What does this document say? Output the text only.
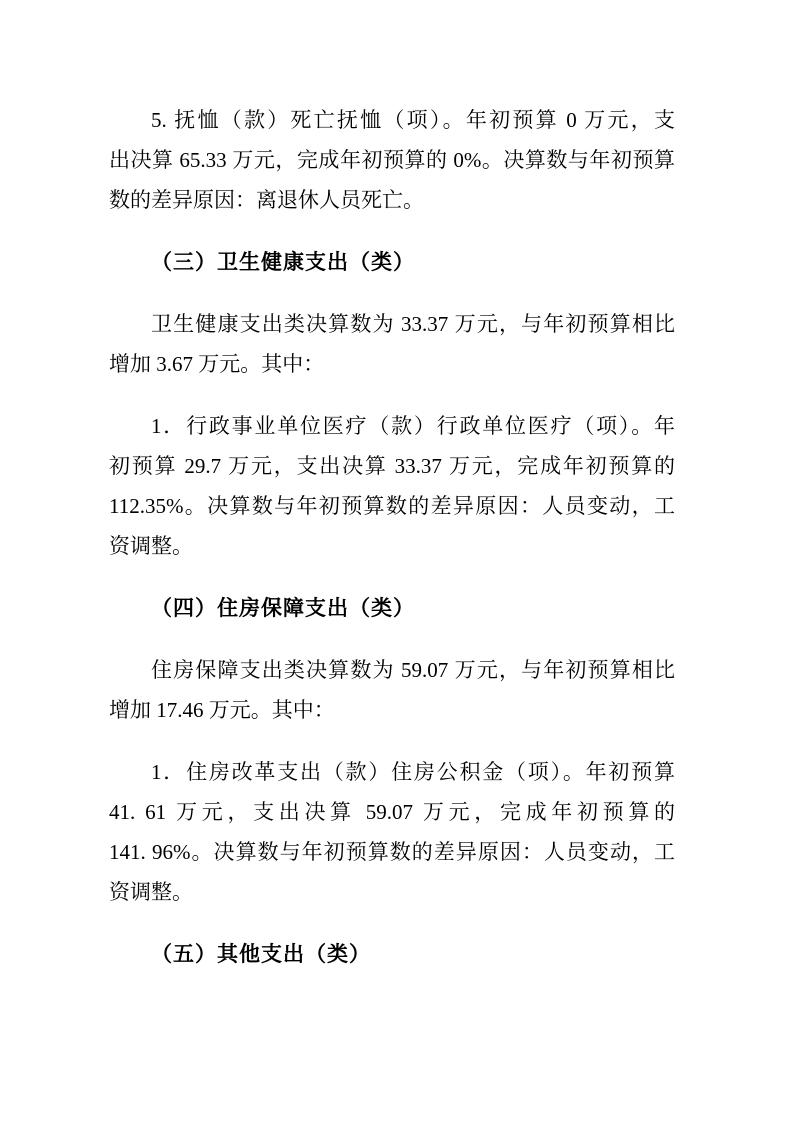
5. 抚恤（款）死亡抚恤（项）。年初预算 0 万元，支
出决算 65.33 万元，完成年初预算的 0%。决算数与年初预算
数的差异原因：离退休人员死亡。
（三）卫生健康支出（类）
卫生健康支出类决算数为 33.37 万元，与年初预算相比
增加 3.67 万元。其中：
1．行政事业单位医疗（款）行政单位医疗（项）。年
初预算 29.7 万元，支出决算 33.37 万元，完成年初预算的
112.35%。决算数与年初预算数的差异原因：人员变动，工
资调整。
（四）住房保障支出（类）
住房保障支出类决算数为 59.07 万元，与年初预算相比
增加 17.46 万元。其中：
1．住房改革支出（款）住房公积金（项）。年初预算
41. 61 万元，支出决算 59.07 万元，完成年初预算的
141. 96%。决算数与年初预算数的差异原因：人员变动，工
资调整。
（五）其他支出（类）
